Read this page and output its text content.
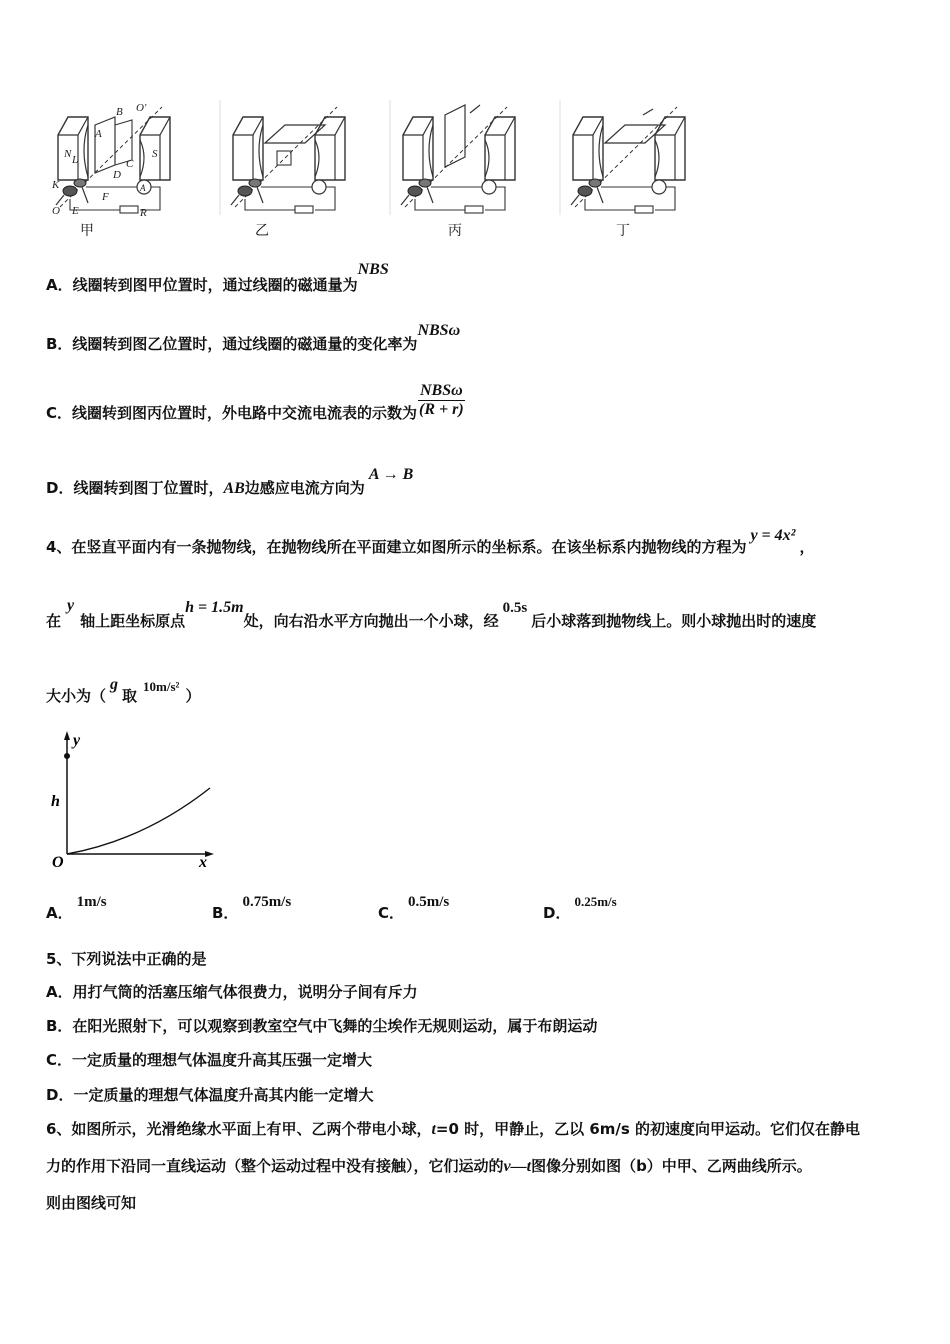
N	S
A
B
C
D
L
K
O E
F
R
A
O′
甲	乙	丙	丁
A．线圈转到图甲位置时，通过线圈的磁通量为NBS
B．线圈转到图乙位置时，通过线圈的磁通量的变化率为NBSω
C．线圈转到图丙位置时，外电路中交流电流表的示数为 $\frac{\text{NBSω}}{(R + r)}$
D．线圈转到图丁位置时，AB边感应电流方向为A → B
4、在竖直平面内有一条抛物线，在抛物线所在平面建立如图所示的坐标系。在该坐标系内抛物线的方程为y = 4x²，
在y轴上距坐标原点h = 1.5m处，向右沿水平方向抛出一个小球，经0.5s后小球落到抛物线上。则小球抛出时的速度
大小为（g取10m/s²）
y
h
O	x
A．1m/s
B．0.75m/s
C．0.5m/s
D．0.25m/s
5、下列说法中正确的是
A．用打气筒的活塞压缩气体很费力，说明分子间有斥力
B．在阳光照射下，可以观察到教室空气中飞舞的尘埃作无规则运动，属于布朗运动
C．一定质量的理想气体温度升高其压强一定增大
D．一定质量的理想气体温度升高其内能一定增大
6、如图所示，光滑绝缘水平面上有甲、乙两个带电小球，t=0 时，甲静止，乙以 6m/s 的初速度向甲运动。它们仅在静电
力的作用下沿同一直线运动（整个运动过程中没有接触），它们运动的v—t图像分别如图（b）中甲、乙两曲线所示。
则由图线可知
